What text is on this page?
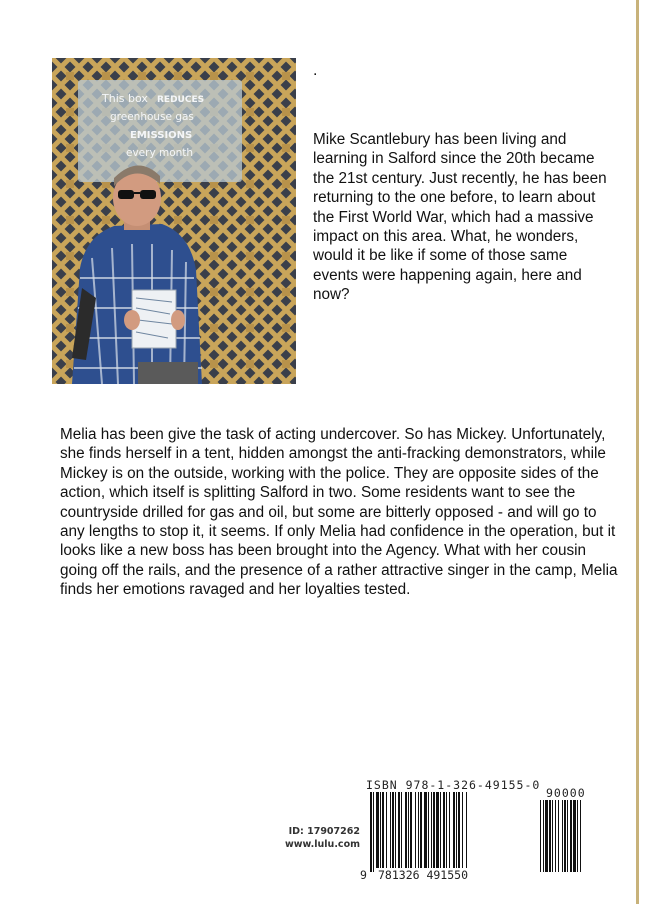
This box REDUCES
greenhouse gas
EMISSIONS
every month
.

Mike Scantlebury has been living and learning in Salford since the 20th became the 21st century. Just recently, he has been returning to the one before, to learn about the First World War, which had a massive impact on this area. What, he wonders, would it be like if some of those same events were happening again, here and now?

Melia has been give the task of acting undercover. So has Mickey. Unfortunately, she finds herself in a tent, hidden amongst the anti-fracking demonstrators, while Mickey is on the outside, working with the police. They are opposite sides of the action, which itself is splitting Salford in two. Some residents want to see the countryside drilled for gas and oil, but some are bitterly opposed - and will go to any lengths to stop it, it seems. If only Melia had confidence in the operation, but it looks like a new boss has been brought into the Agency. What with her cousin going off the rails, and the presence of a rather attractive singer in the camp, Melia finds her emotions ravaged and her loyalties tested.

ID: 17907262
www.lulu.com
ISBN 978-1-326-49155-0
90000
9 781326 491550
